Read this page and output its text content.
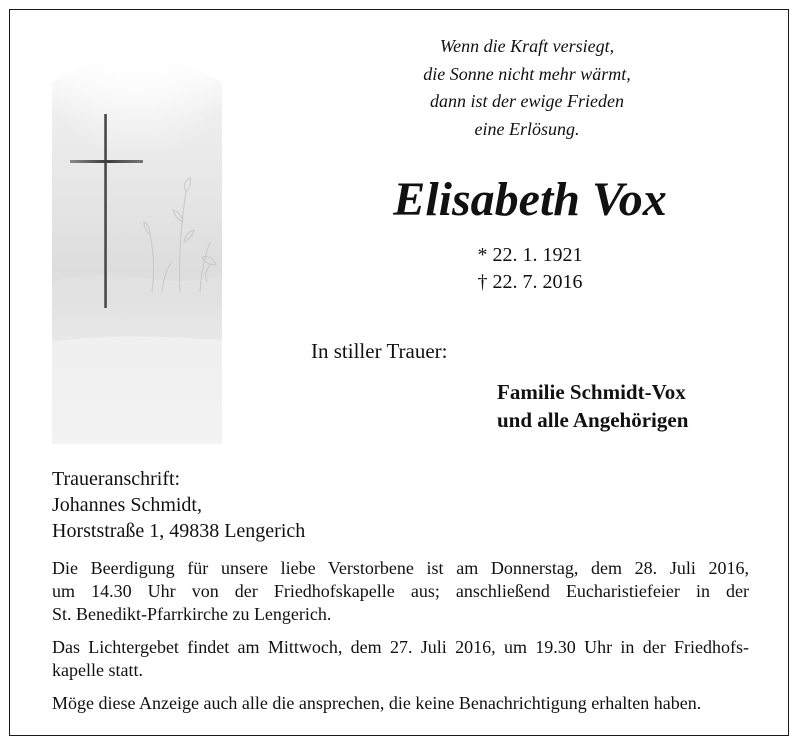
Wenn die Kraft versiegt,
die Sonne nicht mehr wärmt,
dann ist der ewige Frieden
eine Erlösung.
Elisabeth Vox
* 22. 1. 1921
† 22. 7. 2016
In stiller Trauer:
Familie Schmidt-Vox
und alle Angehörigen
Traueranschrift:
Johannes Schmidt,
Horststraße 1, 49838 Lengerich
Die Beerdigung für unsere liebe Verstorbene ist am Donnerstag, dem 28. Juli 2016,
um 14.30 Uhr von der Friedhofskapelle aus; anschließend Eucharistiefeier in der
St. Benedikt-Pfarrkirche zu Lengerich.
Das Lichtergebet findet am Mittwoch, dem 27. Juli 2016, um 19.30 Uhr in der Friedhofs-
kapelle statt.
Möge diese Anzeige auch alle die ansprechen, die keine Benachrichtigung erhalten haben.
